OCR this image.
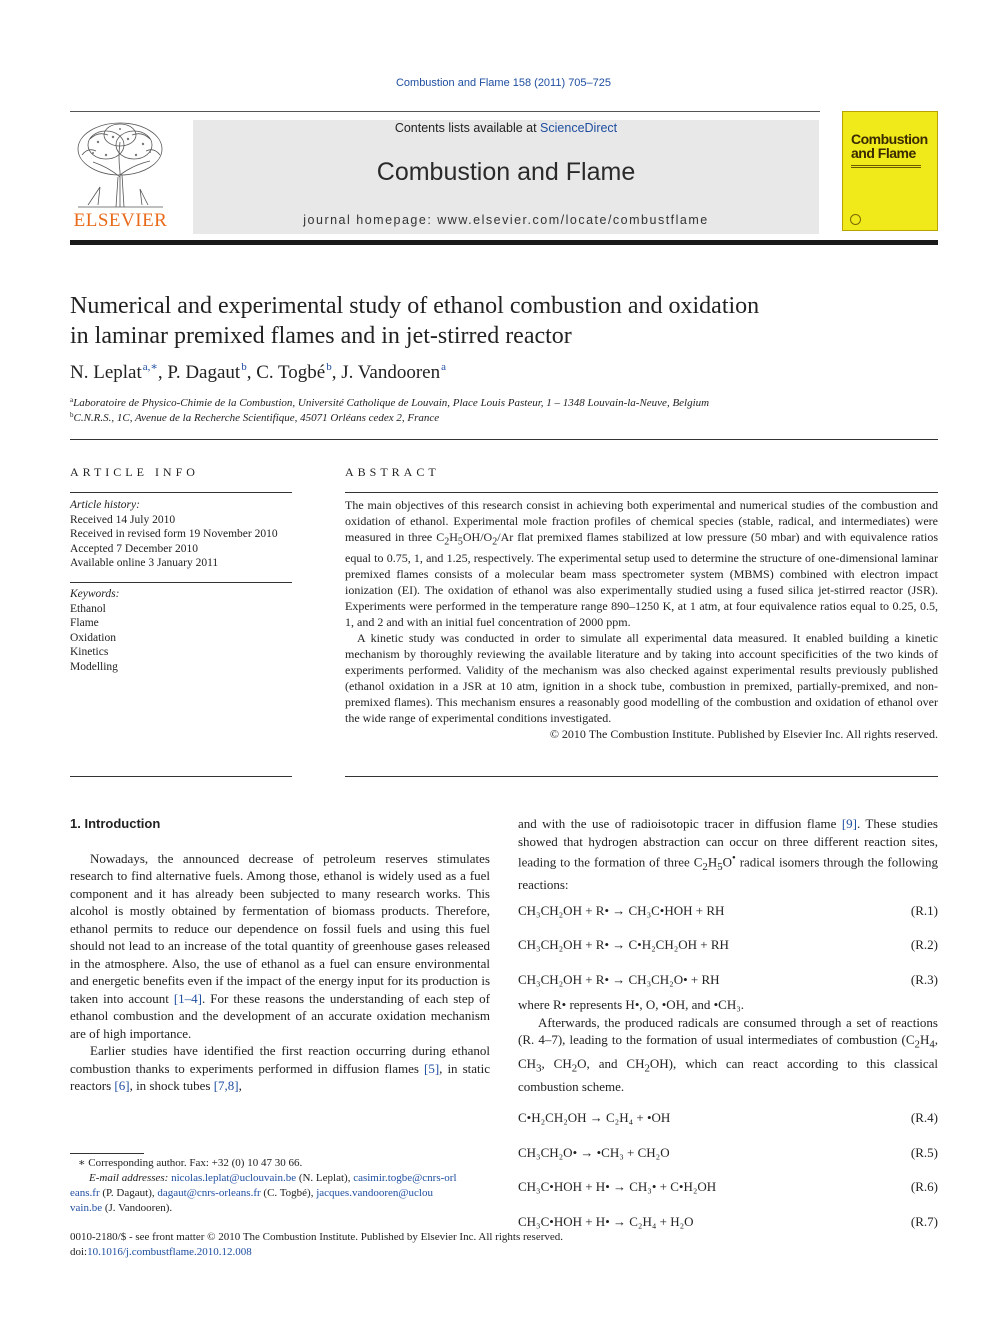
Combustion and Flame 158 (2011) 705–725
ELSEVIER
Contents lists available at ScienceDirect
Combustion and Flame
journal homepage: www.elsevier.com/locate/combustflame
Combustion
and Flame
Numerical and experimental study of ethanol combustion and oxidation
in laminar premixed flames and in jet-stirred reactor
N. Leplat$^{a,∗}$, P. Dagaut$^b$, C. Togbé$^b$, J. Vandooren$^a$
$^a$Laboratoire de Physico-Chimie de la Combustion, Université Catholique de Louvain, Place Louis Pasteur, 1 – 1348 Louvain-la-Neuve, Belgium
$^b$C.N.R.S., 1C, Avenue de la Recherche Scientifique, 45071 Orléans cedex 2, France
ARTICLE INFO
Article history:
Received 14 July 2010
Received in revised form 19 November 2010
Accepted 7 December 2010
Available online 3 January 2011
Keywords:
Ethanol
Flame
Oxidation
Kinetics
Modelling
ABSTRACT

The main objectives of this research consist in achieving both experimental and numerical studies of the combustion and oxidation of ethanol. Experimental mole fraction profiles of chemical species (stable, radical, and intermediates) were measured in three $C_2H_5OH/O_2/Ar$ flat premixed flames stabilized at low pressure (50 mbar) and with equivalence ratios equal to 0.75, 1, and 1.25, respectively. The experimental setup used to determine the structure of one-dimensional laminar premixed flames consists of a molecular beam mass spectrometer system (MBMS) combined with electron impact ionization (EI). The oxidation of ethanol was also experimentally studied using a fused silica jet-stirred reactor (JSR). Experiments were performed in the temperature range 890–1250 K, at 1 atm, at four equivalence ratios equal to 0.25, 0.5, 1, and 2 and with an initial fuel concentration of 2000 ppm.

A kinetic study was conducted in order to simulate all experimental data measured. It enabled building a kinetic mechanism by thoroughly reviewing the available literature and by taking into account specificities of the two kinds of experiments performed. Validity of the mechanism was also checked against experimental results previously published (ethanol oxidation in a JSR at 10 atm, ignition in a shock tube, combustion in premixed, partially-premixed, and non-premixed flames). This mechanism ensures a reasonably good modelling of the combustion and oxidation of ethanol over the wide range of experimental conditions investigated.

© 2010 The Combustion Institute. Published by Elsevier Inc. All rights reserved.
1. Introduction

Nowadays, the announced decrease of petroleum reserves stimulates research to find alternative fuels. Among those, ethanol is widely used as a fuel component and it has already been subjected to many research works. This alcohol is mostly obtained by fermentation of biomass products. Therefore, ethanol permits to reduce our dependence on fossil fuels and using this fuel should not lead to an increase of the total quantity of greenhouse gases released in the atmosphere. Also, the use of ethanol as a fuel can ensure environmental and energetic benefits even if the impact of the energy input for its production is taken into account [1–4]. For these reasons the understanding of each step of ethanol combustion and the development of an accurate oxidation mechanism are of high importance.

Earlier studies have identified the first reaction occurring during ethanol combustion thanks to experiments performed in diffusion flames [5], in static reactors [6], in shock tubes [7,8],

and with the use of radioisotopic tracer in diffusion flame [9]. These studies showed that hydrogen abstraction can occur on three different reaction sites, leading to the formation of three $C_2H_5O^•$ radical isomers through the following reactions:
CH₃CH₂OH + R• → CH₃C•HOH + RH	(R.1)
CH₃CH₂OH + R• → C•H₂CH₂OH + RH	(R.2)
CH₃CH₂OH + R• → CH₃CH₂O• + RH	(R.3)
where R• represents H•, O, •OH, and •CH₃.
Afterwards, the produced radicals are consumed through a set of reactions (R. 4–7), leading to the formation of usual intermediates of combustion ($C_2H_4$, $CH_3$, $CH_2O$, and $CH_2OH$), which can react according to this classical combustion scheme.
C•H₂CH₂OH → C₂H₄ + •OH	(R.4)
CH₃CH₂O• → •CH₃ + CH₂O	(R.5)
CH₃C•HOH + H• → CH₃• + C•H₂OH	(R.6)
CH₃C•HOH + H• → C₂H₄ + H₂O	(R.7)
∗ Corresponding author. Fax: +32 (0) 10 47 30 66.
E-mail addresses: nicolas.leplat@uclouvain.be (N. Leplat), casimir.togbe@cnrs-orl
eans.fr (P. Dagaut), dagaut@cnrs-orleans.fr (C. Togbé), jacques.vandooren@uclou
vain.be (J. Vandooren).
0010-2180/$ - see front matter © 2010 The Combustion Institute. Published by Elsevier Inc. All rights reserved.
doi:10.1016/j.combustflame.2010.12.008
